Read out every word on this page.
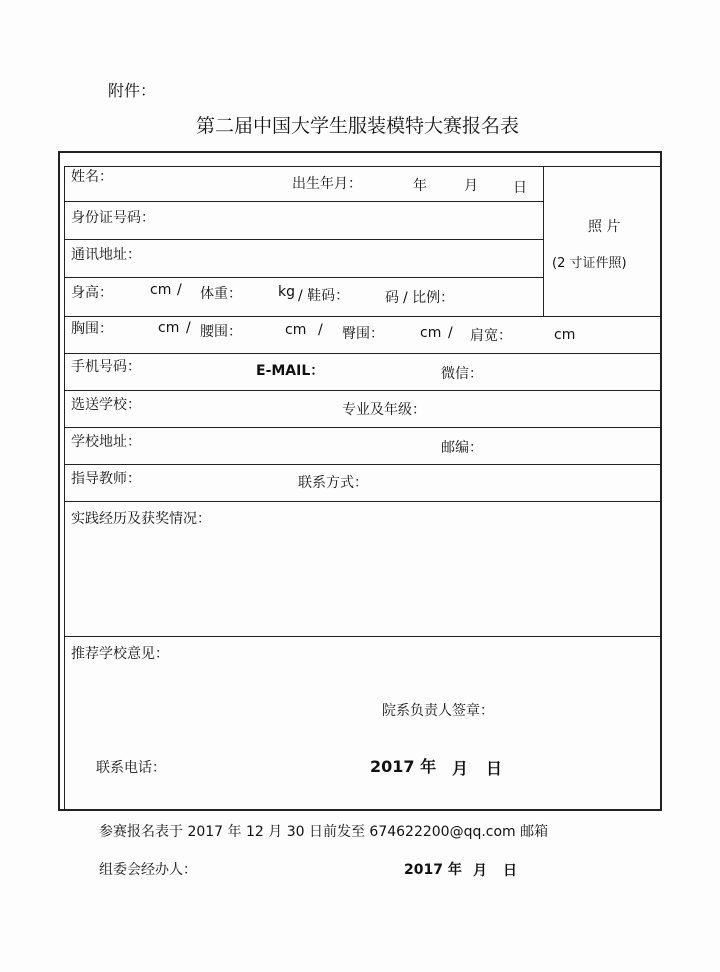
附件：
第二届中国大学生服装模特大赛报名表
姓名：	出生年月：	年	月	日
照 片
(2 寸证件照)
身份证号码：
通讯地址：
身高：	cm / 体重：	kg / 鞋码：	码 / 比例：
胸围：	cm / 腰围：	cm / 臀围：	cm / 肩宽：	cm
手机号码：	E-MAIL：	微信：
选送学校：	专业及年级：
学校地址：	邮编：
指导教师：	联系方式：
实践经历及获奖情况：
推荐学校意见：
院系负责人签章：
联系电话：	2017 年 月 日
参赛报名表于 2017 年 12 月 30 日前发至 674622200@qq.com 邮箱
组委会经办人：	2017 年 月 日
